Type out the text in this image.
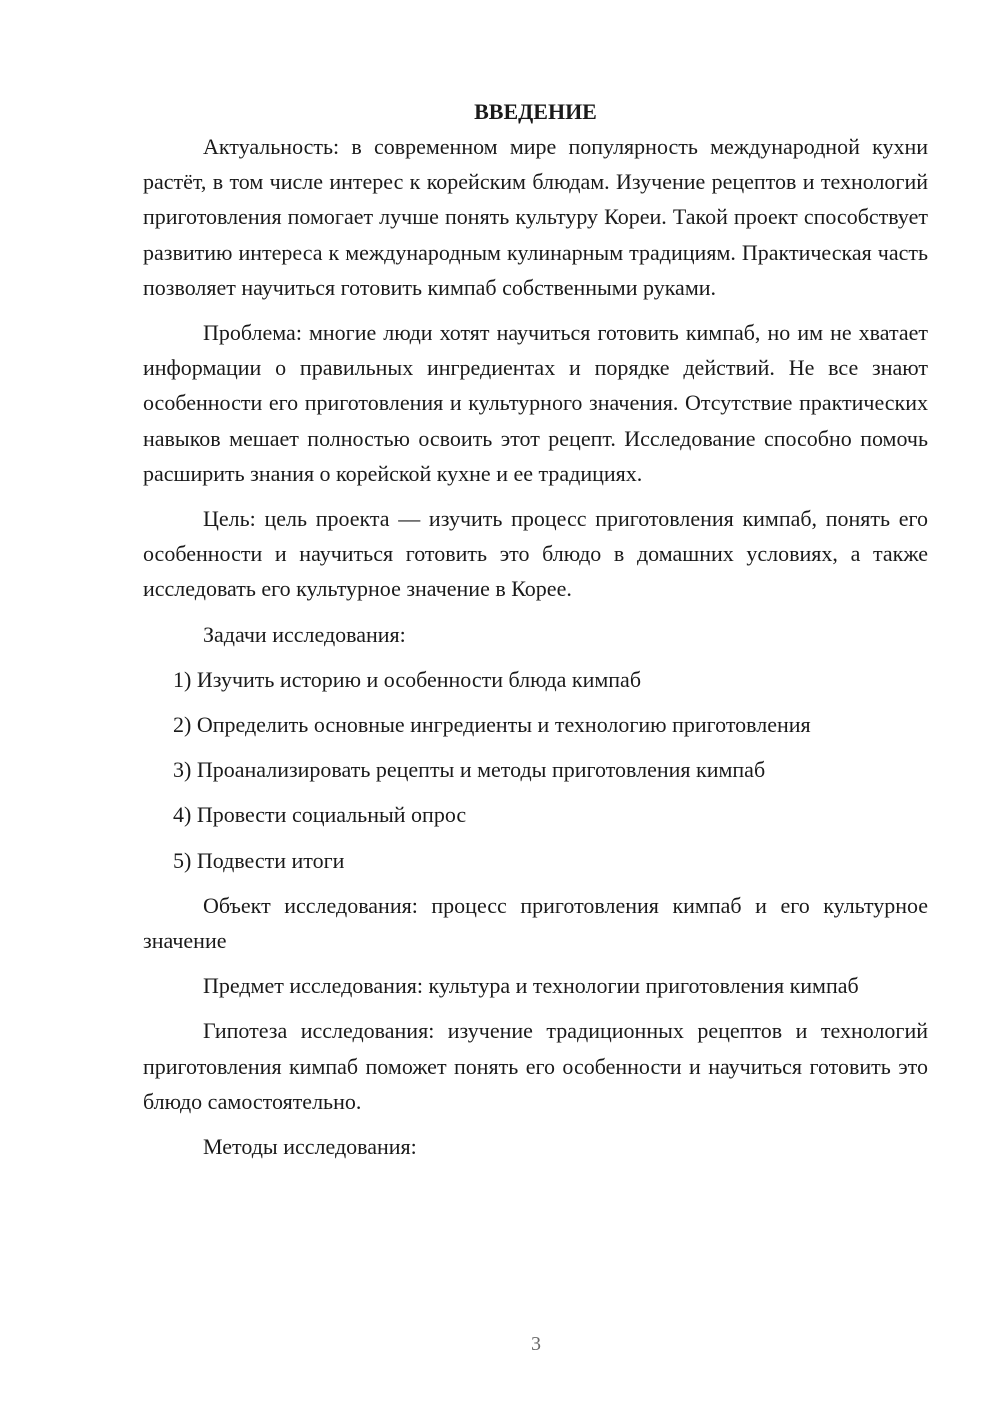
ВВЕДЕНИЕ

Актуальность: в современном мире популярность международной кухни растёт, в том числе интерес к корейским блюдам. Изучение рецептов и технологий приготовления помогает лучше понять культуру Кореи. Такой проект способствует развитию интереса к международным кулинарным традициям. Практическая часть позволяет научиться готовить кимпаб собственными руками.

Проблема: многие люди хотят научиться готовить кимпаб, но им не хватает информации о правильных ингредиентах и порядке действий. Не все знают особенности его приготовления и культурного значения. Отсутствие практических навыков мешает полностью освоить этот рецепт. Исследование способно помочь расширить знания о корейской кухне и ее традициях.

Цель: цель проекта — изучить процесс приготовления кимпаб, понять его особенности и научиться готовить это блюдо в домашних условиях, а также исследовать его культурное значение в Корее.

Задачи исследования:

1) Изучить историю и особенности блюда кимпаб

2) Определить основные ингредиенты и технологию приготовления

3) Проанализировать рецепты и методы приготовления кимпаб

4) Провести социальный опрос

5) Подвести итоги

Объект исследования: процесс приготовления кимпаб и его культурное значение

Предмет исследования: культура и технологии приготовления кимпаб

Гипотеза исследования: изучение традиционных рецептов и технологий приготовления кимпаб поможет понять его особенности и научиться готовить это блюдо самостоятельно.

Методы исследования:

3
